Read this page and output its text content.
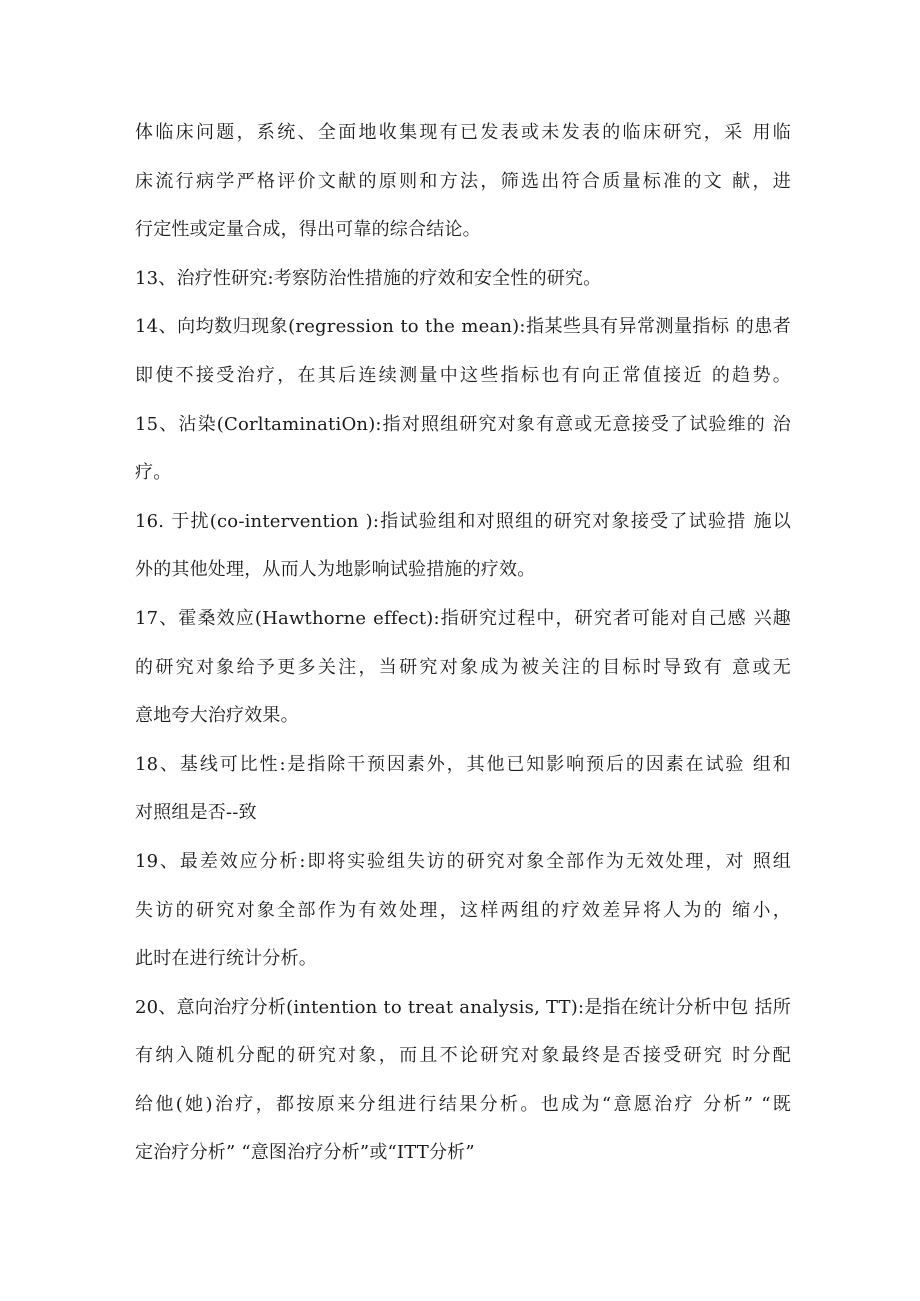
体临床问题，系统、全面地收集现有已发表或未发表的临床研究，采 用临
床流行病学严格评价文献的原则和方法，筛选出符合质量标准的文 献，进
行定性或定量合成，得出可靠的综合结论。
13、治疗性研究:考察防治性措施的疗效和安全性的研究。
14、向均数归现象(regression to the mean):指某些具有异常测量指标 的患者
即使不接受治疗，在其后连续测量中这些指标也有向正常值接近 的趋势。
15、沾染(CorltaminatiOn):指对照组研究对象有意或无意接受了试验维的 治
疗。
16. 于扰(co-intervention ):指试验组和对照组的研究对象接受了试验措 施以
外的其他处理，从而人为地影响试验措施的疗效。
17、霍桑效应(Hawthorne effect):指研究过程中，研究者可能对自己感 兴趣
的研究对象给予更多关注，当研究对象成为被关注的目标时导致有 意或无
意地夸大治疗效果。
18、基线可比性:是指除干预因素外，其他已知影响预后的因素在试验 组和
对照组是否--致
19、最差效应分析:即将实验组失访的研究对象全部作为无效处理，对 照组
失访的研究对象全部作为有效处理，这样两组的疗效差异将人为的 缩小，
此时在进行统计分析。
20、意向治疗分析(intention to treat analysis, TT):是指在统计分析中包 括所
有纳入随机分配的研究对象，而且不论研究对象最终是否接受研究 时分配
给他(她)治疗，都按原来分组进行结果分析。也成为“意愿治疗 分析” “既
定治疗分析” “意图治疗分析”或“ITT分析”
